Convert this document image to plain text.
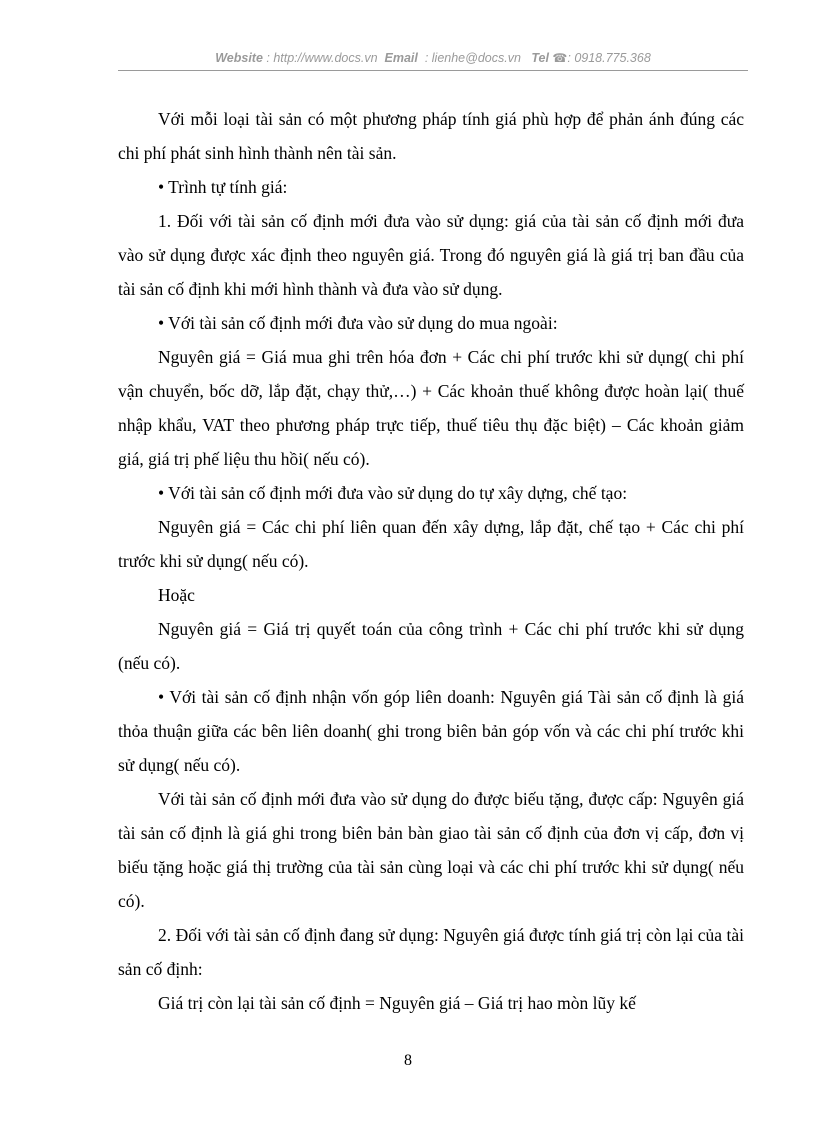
Website : http://www.docs.vn Email : lienhe@docs.vn Tel ☎: 0918.775.368

Với mỗi loại tài sản có một phương pháp tính giá phù hợp để phản ánh đúng các chi phí phát sinh hình thành nên tài sản.

• Trình tự tính giá:

1. Đối với tài sản cố định mới đưa vào sử dụng: giá của tài sản cố định mới đưa vào sử dụng được xác định theo nguyên giá. Trong đó nguyên giá là giá trị ban đầu của tài sản cố định khi mới hình thành và đưa vào sử dụng.

• Với tài sản cố định mới đưa vào sử dụng do mua ngoài:

Nguyên giá = Giá mua ghi trên hóa đơn + Các chi phí trước khi sử dụng( chi phí vận chuyển, bốc dỡ, lắp đặt, chạy thử,…) + Các khoản thuế không được hoàn lại( thuế nhập khẩu, VAT theo phương pháp trực tiếp, thuế tiêu thụ đặc biệt) – Các khoản giảm giá, giá trị phế liệu thu hồi( nếu có).

• Với tài sản cố định mới đưa vào sử dụng do tự xây dựng, chế tạo:

Nguyên giá = Các chi phí liên quan đến xây dựng, lắp đặt, chế tạo + Các chi phí trước khi sử dụng( nếu có).

Hoặc

Nguyên giá = Giá trị quyết toán của công trình + Các chi phí trước khi sử dụng (nếu có).

• Với tài sản cố định nhận vốn góp liên doanh: Nguyên giá Tài sản cố định là giá thỏa thuận giữa các bên liên doanh( ghi trong biên bản góp vốn và các chi phí trước khi sử dụng( nếu có).

Với tài sản cố định mới đưa vào sử dụng do được biếu tặng, được cấp: Nguyên giá tài sản cố định là giá ghi trong biên bản bàn giao tài sản cố định của đơn vị cấp, đơn vị biếu tặng hoặc giá thị trường của tài sản cùng loại và các chi phí trước khi sử dụng( nếu có).

2. Đối với tài sản cố định đang sử dụng: Nguyên giá được tính giá trị còn lại của tài sản cố định:

Giá trị còn lại tài sản cố định = Nguyên giá – Giá trị hao mòn lũy kế

8
